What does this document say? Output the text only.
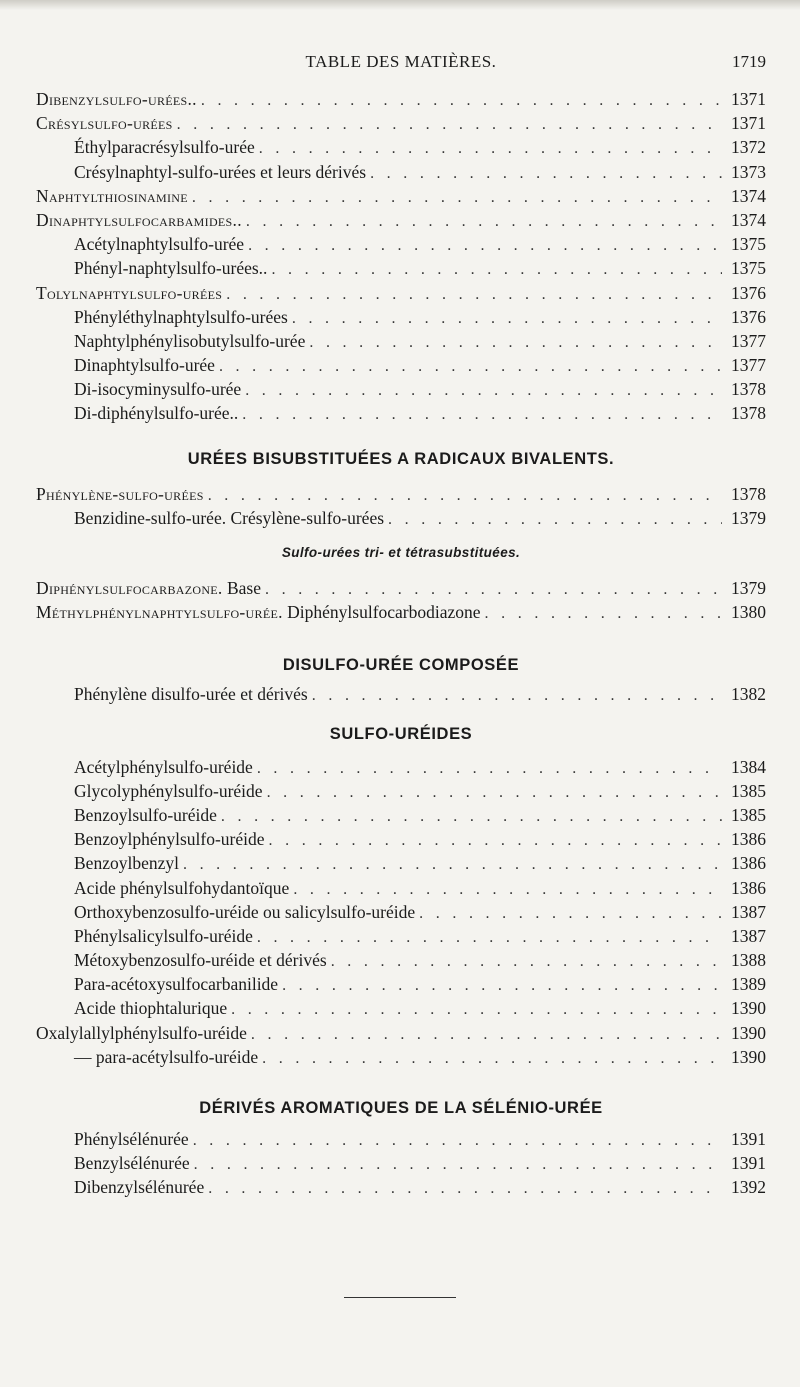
TABLE DES MATIÈRES.	1719
Dibenzylsulfo-urées.. . . .	1371
Crésylsulfo-urées . . .	1371
Éthylparacrésylsulfo-urée . . .	1372
Crésylnaphtyl-sulfo-urées et leurs dérivés . . .	1373
Naphtylthiosinamine . . .	1374
Dinaphtylsulfocarbamides.. . . .	1374
Acétylnaphtylsulfo-urée . . .	1375
Phényl-naphtylsulfo-urées.. . . .	1375
Tolylnaphtylsulfo-urées . . .	1376
Phényléthylnaphtylsulfo-urées . . .	1376
Naphtylphénylisobutylsulfo-urée . . .	1377
Dinaphtylsulfo-urée . . .	1377
Di-isocyminysulfo-urée . . .	1378
Di-diphénylsulfo-urée.. . . .	1378
URÉES BISUBSTITUÉES A RADICAUX BIVALENTS.
Phénylène-sulfo-urées . . .	1378
Benzidine-sulfo-urée. Crésylène-sulfo-urées . . .	1379
Sulfo-urées tri- et tétrasubstituées.
Diphénylsulfocarbazone. Base . . .	1379
Méthylphénylnaphtylsulfo-urée. Diphénylsulfocarbodiazone . . .	1380
DISULFO-URÉE COMPOSÉE
Phénylène disulfo-urée et dérivés . . .	1382
SULFO-URÉIDES
Acétylphénylsulfo-uréide . . .	1384
Glycolyphénylsulfo-uréide . . .	1385
Benzoylsulfo-uréide . . .	1385
Benzoylphénylsulfo-uréide . . .	1386
Benzoylbenzyl . . .	1386
Acide phénylsulfohydantoïque . . .	1386
Orthoxybenzosulfo-uréide ou salicylsulfo-uréide . . .	1387
Phénylsalicylsulfo-uréide . . .	1387
Métoxybenzosulfo-uréide et dérivés . . .	1388
Para-acétoxysulfocarbanilide . . .	1389
Acide thiophtalurique . . .	1390
Oxalylallylphénylsulfo-uréide . . .	1390
— para-acétylsulfo-uréide . . .	1390
DÉRIVÉS AROMATIQUES DE LA SÉLÉNIO-URÉE
Phénylsélénurée . . .	1391
Benzylsélénurée . . .	1391
Dibenzylsélénurée . . .	1392
